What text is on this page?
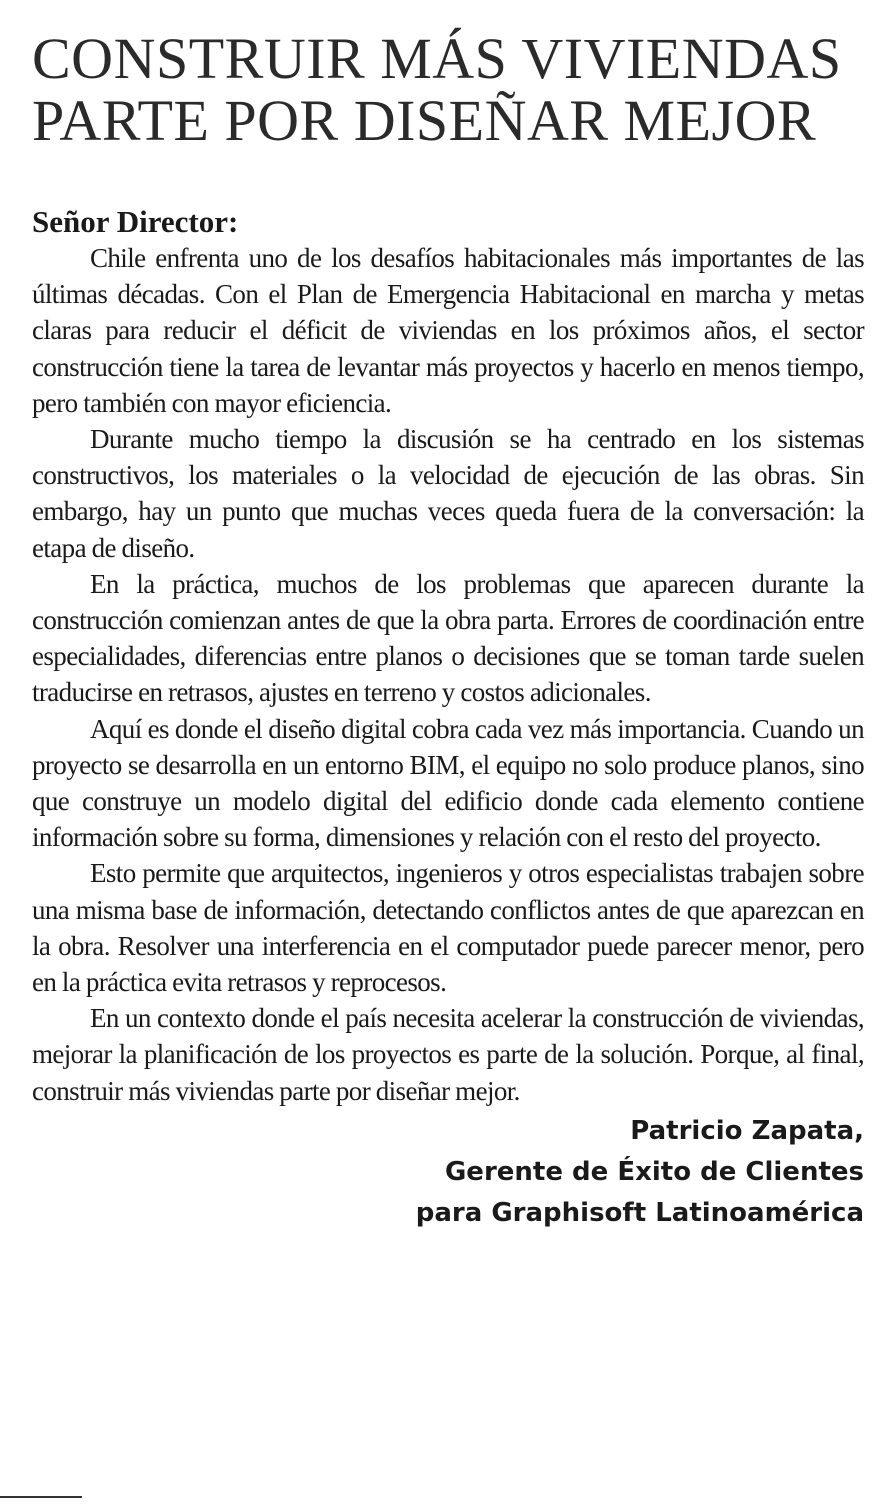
CONSTRUIR MÁS VIVIENDAS
PARTE POR DISEÑAR MEJOR
Señor Director:

Chile enfrenta uno de los desafíos habitacionales más importantes de las últimas décadas. Con el Plan de Emergencia Habitacional en marcha y metas claras para reducir el déficit de viviendas en los próximos años, el sector construcción tiene la tarea de levantar más proyectos y hacerlo en menos tiempo, pero también con mayor eficiencia.

Durante mucho tiempo la discusión se ha centrado en los sistemas constructivos, los materiales o la velocidad de ejecución de las obras. Sin embargo, hay un punto que muchas veces queda fuera de la conversación: la etapa de diseño.

En la práctica, muchos de los problemas que aparecen durante la construcción comienzan antes de que la obra parta. Errores de coordinación entre especialidades, diferencias entre planos o decisiones que se toman tarde suelen traducirse en retrasos, ajustes en terreno y costos adicionales.

Aquí es donde el diseño digital cobra cada vez más importancia. Cuando un proyecto se desarrolla en un entorno BIM, el equipo no solo produce planos, sino que construye un modelo digital del edificio donde cada elemento contiene información sobre su forma, dimensiones y relación con el resto del proyecto.

Esto permite que arquitectos, ingenieros y otros especialistas trabajen sobre una misma base de información, detectando conflictos antes de que aparezcan en la obra. Resolver una interferencia en el computador puede parecer menor, pero en la práctica evita retrasos y reprocesos.

En un contexto donde el país necesita acelerar la construcción de viviendas, mejorar la planificación de los proyectos es parte de la solución. Porque, al final, construir más viviendas parte por diseñar mejor.

Patricio Zapata,
Gerente de Éxito de Clientes
para Graphisoft Latinoamérica
